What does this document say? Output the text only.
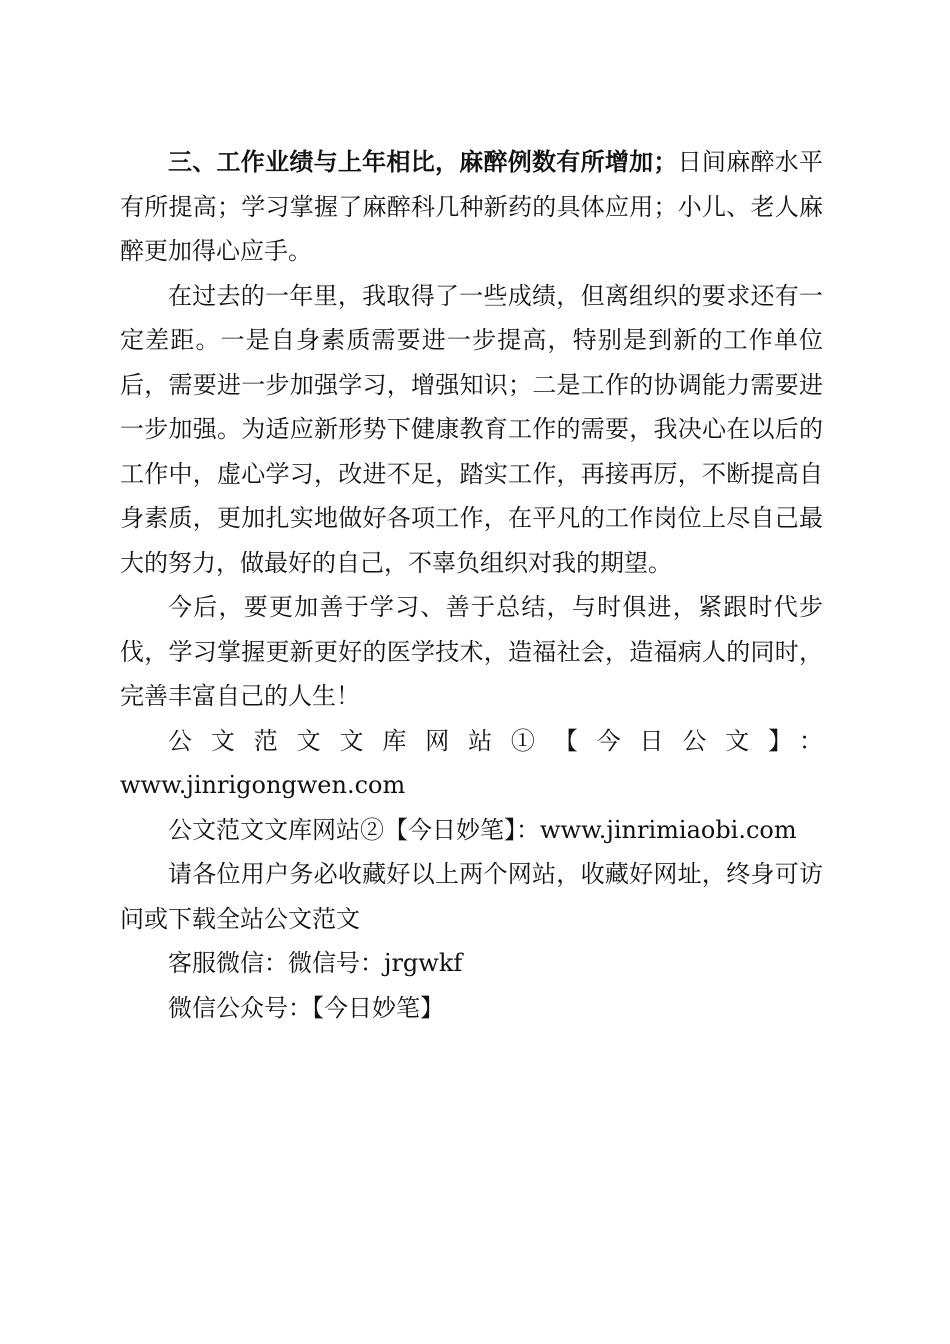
三、工作业绩与上年相比，麻醉例数有所增加；日间麻醉水平有所提高；学习掌握了麻醉科几种新药的具体应用；小儿、老人麻醉更加得心应手。

在过去的一年里，我取得了一些成绩，但离组织的要求还有一定差距。一是自身素质需要进一步提高，特别是到新的工作单位后，需要进一步加强学习，增强知识；二是工作的协调能力需要进一步加强。为适应新形势下健康教育工作的需要，我决心在以后的工作中，虚心学习，改进不足，踏实工作，再接再厉，不断提高自身素质，更加扎实地做好各项工作，在平凡的工作岗位上尽自己最大的努力，做最好的自己，不辜负组织对我的期望。

今后，要更加善于学习、善于总结，与时俱进，紧跟时代步伐，学习掌握更新更好的医学技术，造福社会，造福病人的同时，完善丰富自己的人生！

公文范文文库网站①【今日公文】：

www.jinrigongwen.com

公文范文文库网站②【今日妙笔】：www.jinrimiaobi.com

请各位用户务必收藏好以上两个网站，收藏好网址，终身可访问或下载全站公文范文

客服微信：微信号：jrgwkf

微信公众号：【今日妙笔】
